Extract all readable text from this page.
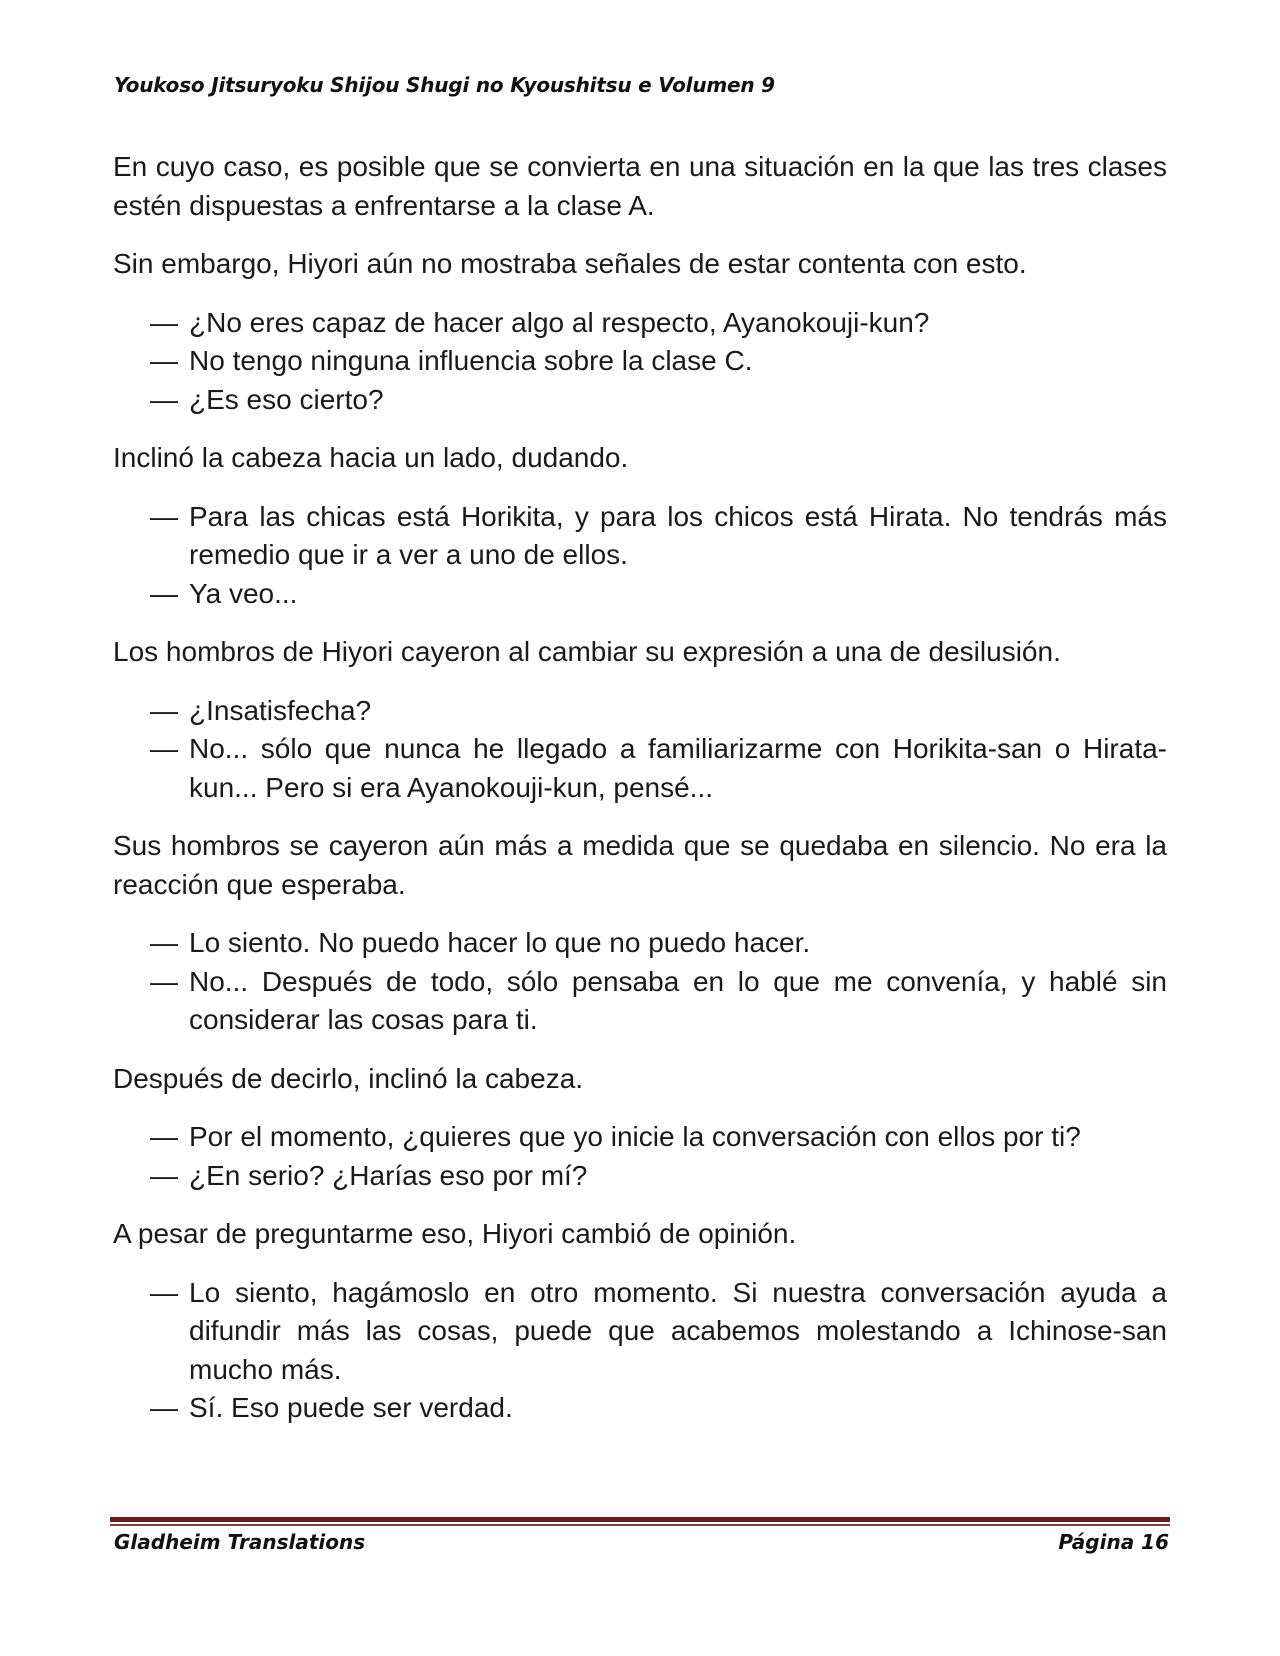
Youkoso Jitsuryoku Shijou Shugi no Kyoushitsu e Volumen 9

En cuyo caso, es posible que se convierta en una situación en la que las tres clases estén dispuestas a enfrentarse a la clase A.

Sin embargo, Hiyori aún no mostraba señales de estar contenta con esto.

— ¿No eres capaz de hacer algo al respecto, Ayanokouji-kun?

— No tengo ninguna influencia sobre la clase C.

— ¿Es eso cierto?

Inclinó la cabeza hacia un lado, dudando.

— Para las chicas está Horikita, y para los chicos está Hirata. No tendrás más remedio que ir a ver a uno de ellos.

— Ya veo...

Los hombros de Hiyori cayeron al cambiar su expresión a una de desilusión.

— ¿Insatisfecha?

— No... sólo que nunca he llegado a familiarizarme con Horikita-san o Hirata-kun... Pero si era Ayanokouji-kun, pensé...

Sus hombros se cayeron aún más a medida que se quedaba en silencio. No era la reacción que esperaba.

— Lo siento. No puedo hacer lo que no puedo hacer.

— No... Después de todo, sólo pensaba en lo que me convenía, y hablé sin considerar las cosas para ti.

Después de decirlo, inclinó la cabeza.

— Por el momento, ¿quieres que yo inicie la conversación con ellos por ti?

— ¿En serio? ¿Harías eso por mí?

A pesar de preguntarme eso, Hiyori cambió de opinión.

— Lo siento, hagámoslo en otro momento. Si nuestra conversación ayuda a difundir más las cosas, puede que acabemos molestando a Ichinose-san mucho más.

— Sí. Eso puede ser verdad.

Gladheim Translations	Página 16
